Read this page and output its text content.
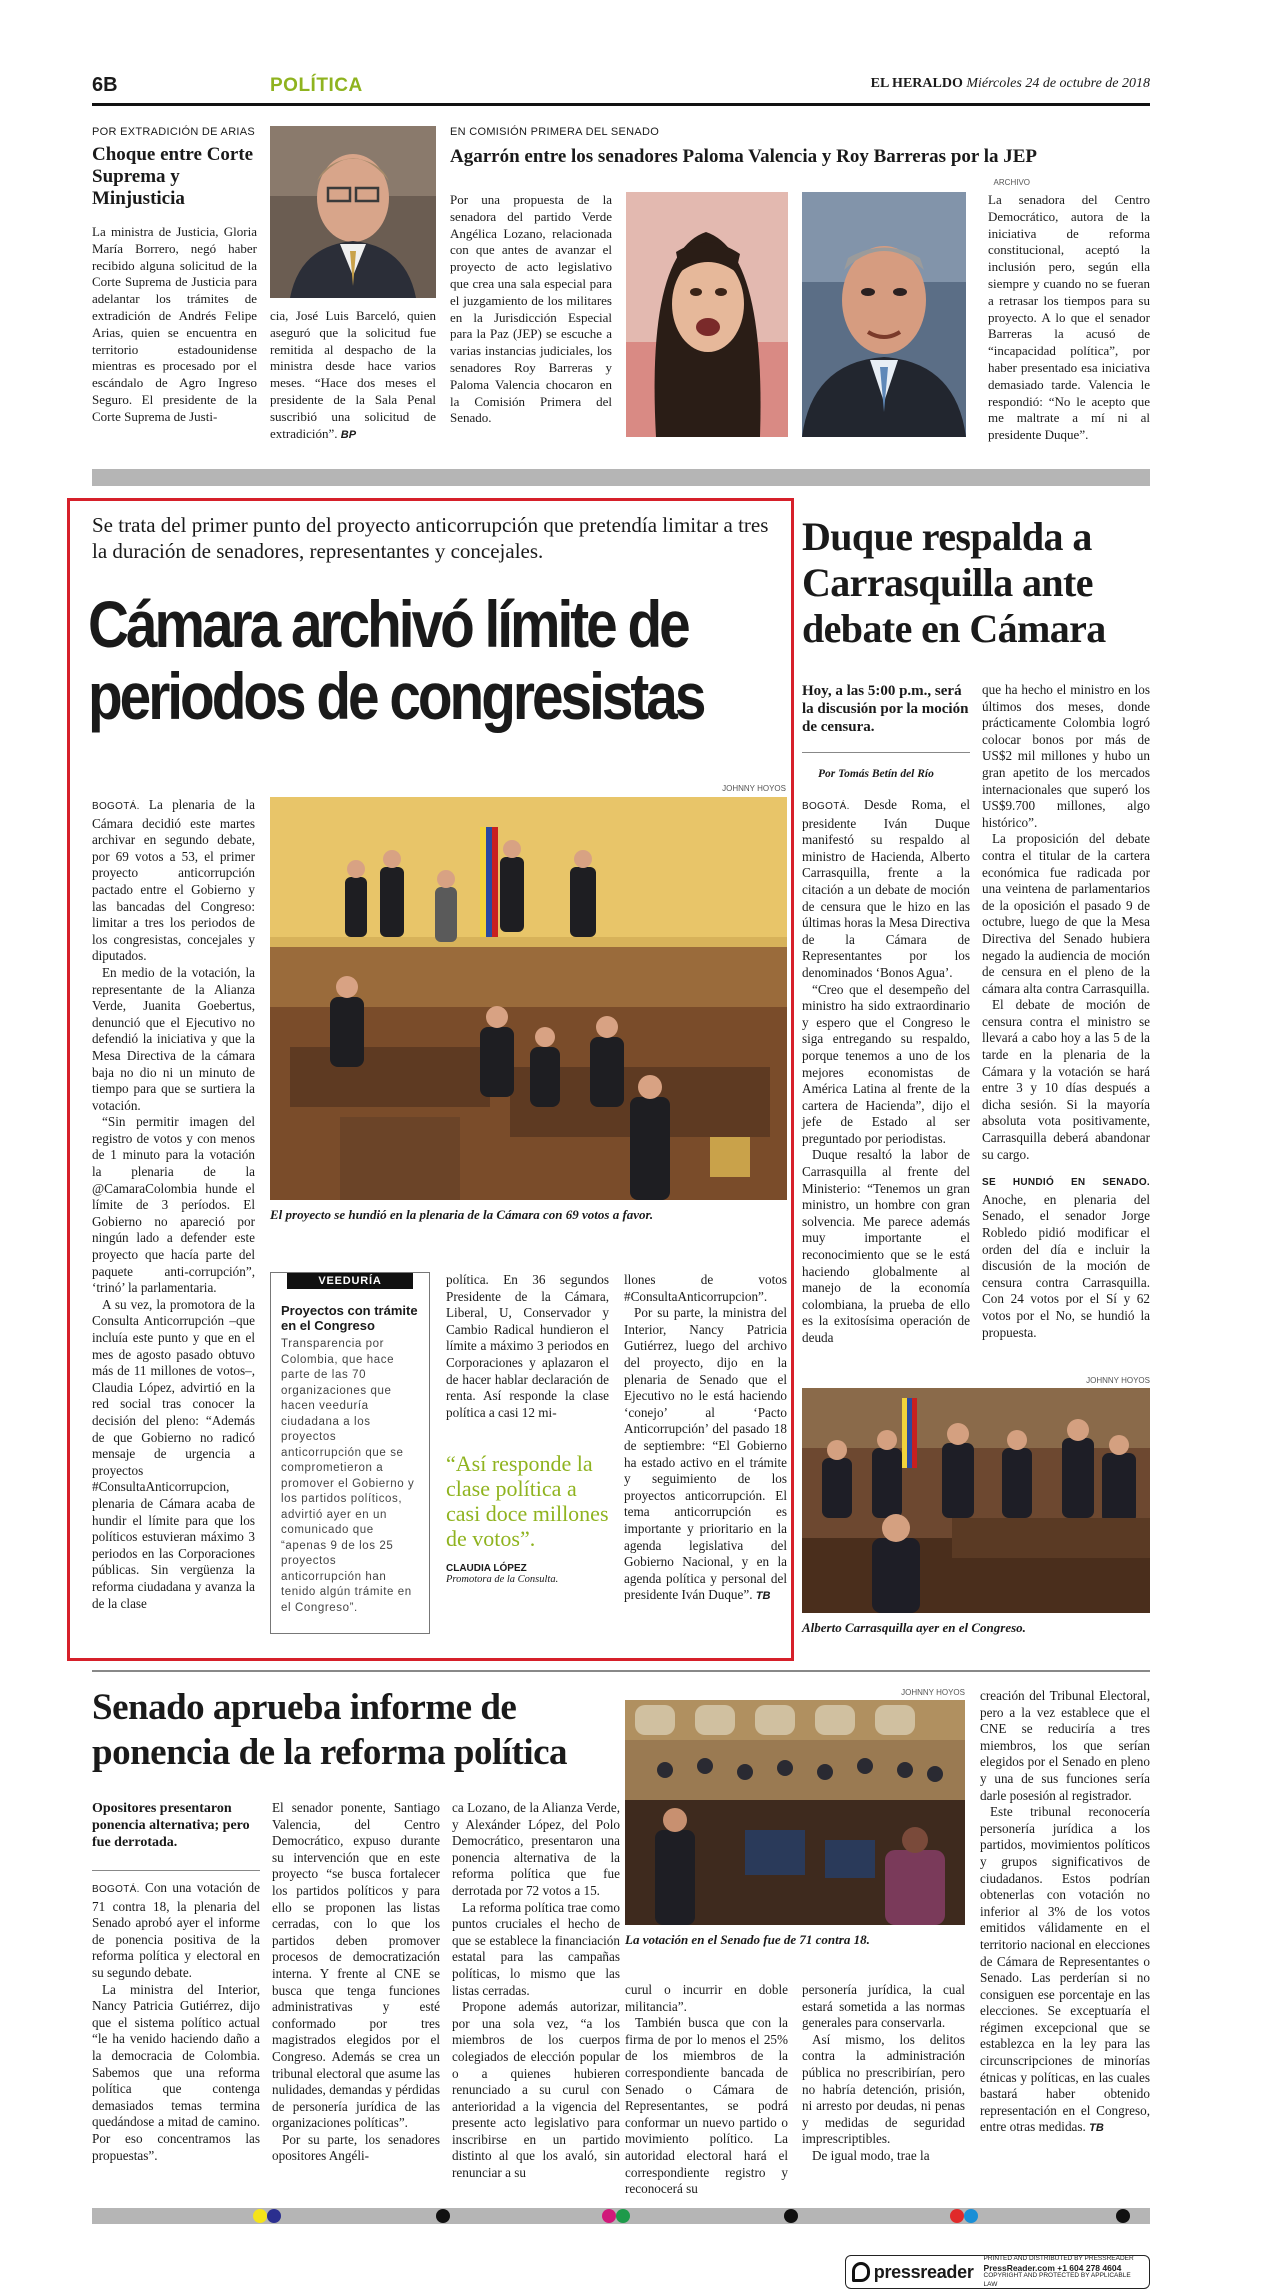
6B	POLÍTICA	EL HERALDO Miércoles 24 de octubre de 2018
POR EXTRADICIÓN DE ARIAS
Choque entre Corte Suprema y Minjusticia
La ministra de Justicia, Gloria María Borrero, negó haber recibido alguna solicitud de la Corte Suprema de Justicia para adelantar los trámites de extradición de Andrés Felipe Arias, quien se encuentra en territorio estadounidense mientras es procesado por el escándalo de Agro Ingreso Seguro. El presidente de la Corte Suprema de Justi-
cia, José Luis Barceló, quien aseguró que la solicitud fue remitida al despacho de la ministra desde hace varios meses. “Hace dos meses el presidente de la Sala Penal suscribió una solicitud de extradición”. BP
EN COMISIÓN PRIMERA DEL SENADO
Agarrón entre los senadores Paloma Valencia y Roy Barreras por la JEP
Por una propuesta de la senadora del partido Verde Angélica Lozano, relacionada con que antes de avanzar el proyecto de acto legislativo que crea una sala especial para el juzgamiento de los militares en la Jurisdicción Especial para la Paz (JEP) se escuche a varias instancias judiciales, los senadores Roy Barreras y Paloma Valencia chocaron en la Comisión Primera del Senado.
ARCHIVO
La senadora del Centro Democrático, autora de la iniciativa de reforma constitucional, aceptó la inclusión pero, según ella siempre y cuando no se fueran a retrasar los tiempos para su proyecto. A lo que el senador Barreras la acusó de “incapacidad política”, por haber presentado esa iniciativa demasiado tarde. Valencia le respondió: “No le acepto que me maltrate a mí ni al presidente Duque”.
Se trata del primer punto del proyecto anticorrupción que pretendía limitar a tres la duración de senadores, representantes y concejales.
Cámara archivó límite de periodos de congresistas
JOHNNY HOYOS

BOGOTÁ. La plenaria de la Cámara decidió este martes archivar en segundo debate, por 69 votos a 53, el primer proyecto anticorrupción pactado entre el Gobierno y las bancadas del Congreso: limitar a tres los periodos de los congresistas, concejales y diputados.

En medio de la votación, la representante de la Alianza Verde, Juanita Goebertus, denunció que el Ejecutivo no defendió la iniciativa y que la Mesa Directiva de la cámara baja no dio ni un minuto de tiempo para que se surtiera la votación.

“Sin permitir imagen del registro de votos y con menos de 1 minuto para la votación la plenaria de la @CamaraColombia hunde el límite de 3 períodos. El Gobierno no apareció por ningún lado a defender este proyecto que hacía parte del paquete anti-corrupción”, ‘trinó’ la parlamentaria.

A su vez, la promotora de la Consulta Anticorrupción –que incluía este punto y que en el mes de agosto pasado obtuvo más de 11 millones de votos–, Claudia López, advirtió en la red social tras conocer la decisión del pleno: “Además de que Gobierno no radicó mensaje de urgencia a proyectos #ConsultaAnticorrupcion, plenaria de Cámara acaba de hundir el límite para que los políticos estuvieran máximo 3 periodos en las Corporaciones públicas. Sin vergüenza la reforma ciudadana y avanza la de la clase

El proyecto se hundió en la plenaria de la Cámara con 69 votos a favor.
VEEDURÍA
Proyectos con trámite en el Congreso
Transparencia por Colombia, que hace parte de las 70 organizaciones que hacen veeduría ciudadana a los proyectos anticorrupción que se comprometieron a promover el Gobierno y los partidos políticos, advirtió ayer en un comunicado que “apenas 9 de los 25 proyectos anticorrupción han tenido algún trámite en el Congreso”.
política. En 36 segundos Presidente de la Cámara, Liberal, U, Conservador y Cambio Radical hundieron el límite a máximo 3 periodos en Corporaciones y aplazaron el de hacer hablar declaración de renta. Así responde la clase política a casi 12 mi-
“Así responde la clase política a casi doce millones de votos”.
CLAUDIA LÓPEZ
Promotora de la Consulta.

llones de votos #ConsultaAnticorrupcion”.

Por su parte, la ministra del Interior, Nancy Patricia Gutiérrez, luego del archivo del proyecto, dijo en la plenaria de Senado que el Ejecutivo no le está haciendo ‘conejo’ al ‘Pacto Anticorrupción’ del pasado 18 de septiembre: “El Gobierno ha estado activo en el trámite y seguimiento de los proyectos anticorrupción. El tema anticorrupción es importante y prioritario en la agenda legislativa del Gobierno Nacional, y en la agenda política y personal del presidente Iván Duque”. TB

Duque respalda a Carrasquilla ante debate en Cámara
Hoy, a las 5:00 p.m., será la discusión por la moción de censura.
Por Tomás Betín del Río

BOGOTÁ. Desde Roma, el presidente Iván Duque manifestó su respaldo al ministro de Hacienda, Alberto Carrasquilla, frente a la citación a un debate de moción de censura que le hizo en las últimas horas la Mesa Directiva de la Cámara de Representantes por los denominados ‘Bonos Agua’.

“Creo que el desempeño del ministro ha sido extraordinario y espero que el Congreso le siga entregando su respaldo, porque tenemos a uno de los mejores economistas de América Latina al frente de la cartera de Hacienda”, dijo el jefe de Estado al ser preguntado por periodistas.

Duque resaltó la labor de Carrasquilla al frente del Ministerio: “Tenemos un gran ministro, un hombre con gran solvencia. Me parece además muy importante el reconocimiento que se le está haciendo globalmente al manejo de la economía colombiana, la prueba de ello es la exitosísima operación de deuda

que ha hecho el ministro en los últimos dos meses, donde prácticamente Colombia logró colocar bonos por más de US$2 mil millones y hubo un gran apetito de los mercados internacionales que superó los US$9.700 millones, algo histórico”.

La proposición del debate contra el titular de la cartera económica fue radicada por una veintena de parlamentarios de la oposición el pasado 9 de octubre, luego de que la Mesa Directiva del Senado hubiera negado la audiencia de moción de censura en el pleno de la cámara alta contra Carrasquilla.

El debate de moción de censura contra el ministro se llevará a cabo hoy a las 5 de la tarde en la plenaria de la Cámara y la votación se hará entre 3 y 10 días después a dicha sesión. Si la mayoría absoluta vota positivamente, Carrasquilla deberá abandonar su cargo.

SE HUNDIÓ EN SENADO. Anoche, en plenaria del Senado, el senador Jorge Robledo pidió modificar el orden del día e incluir la discusión de la moción de censura contra Carrasquilla. Con 24 votos por el Sí y 62 votos por el No, se hundió la propuesta.

JOHNNY HOYOS
Alberto Carrasquilla ayer en el Congreso.
Senado aprueba informe de ponencia de la reforma política
Opositores presentaron ponencia alternativa; pero fue derrotada.

BOGOTÁ. Con una votación de 71 contra 18, la plenaria del Senado aprobó ayer el informe de ponencia positiva de la reforma política y electoral en su segundo debate.

La ministra del Interior, Nancy Patricia Gutiérrez, dijo que el sistema político actual “le ha venido haciendo daño a la democracia de Colombia. Sabemos que una reforma política que contenga demasiados temas termina quedándose a mitad de camino. Por eso concentramos las propuestas”.

El senador ponente, Santiago Valencia, del Centro Democrático, expuso durante su intervención que en este proyecto “se busca fortalecer los partidos políticos y para ello se proponen las listas cerradas, con lo que los partidos deben promover procesos de democratización interna. Y frente al CNE se busca que tenga funciones administrativas y esté conformado por tres magistrados elegidos por el Congreso. Además se crea un tribunal electoral que asume las nulidades, demandas y pérdidas de personería jurídica de las organizaciones políticas”.

Por su parte, los senadores opositores Angéli-

ca Lozano, de la Alianza Verde, y Alexánder López, del Polo Democrático, presentaron una ponencia alternativa de la reforma política que fue derrotada por 72 votos a 15.

La reforma política trae como puntos cruciales el hecho de que se establece la financiación estatal para las campañas políticas, lo mismo que las listas cerradas.

Propone además autorizar, por una sola vez, “a los miembros de los cuerpos colegiados de elección popular o a quienes hubieren renunciado a su curul con anterioridad a la vigencia del presente acto legislativo para inscribirse en un partido distinto al que los avaló, sin renunciar a su

JOHNNY HOYOS
La votación en el Senado fue de 71 contra 18.

curul o incurrir en doble militancia”.

También busca que con la firma de por lo menos el 25% de los miembros de la correspondiente bancada de Senado o Cámara de Representantes, se podrá conformar un nuevo partido o movimiento político. La autoridad electoral hará el correspondiente registro y reconocerá su

personería jurídica, la cual estará sometida a las normas generales para conservarla.

Así mismo, los delitos contra la administración pública no prescribirían, pero no habría detención, prisión, ni arresto por deudas, ni penas y medidas de seguridad imprescriptibles.

De igual modo, trae la

creación del Tribunal Electoral, pero a la vez establece que el CNE se reduciría a tres miembros, los que serían elegidos por el Senado en pleno y una de sus funciones sería darle posesión al registrador.

Este tribunal reconocería personería jurídica a los partidos, movimientos políticos y grupos significativos de ciudadanos. Estos podrían obtenerlas con votación no inferior al 3% de los votos emitidos válidamente en el territorio nacional en elecciones de Cámara de Representantes o Senado. Las perderían si no consiguen ese porcentaje en las elecciones. Se exceptuaría el régimen excepcional que se establezca en la ley para las circunscripciones de minorías étnicas y políticas, en las cuales bastará haber obtenido representación en el Congreso, entre otras medidas. TB

pressreader
PRINTED AND DISTRIBUTED BY PRESSREADER
PressReader.com +1 604 278 4604
COPYRIGHT AND PROTECTED BY APPLICABLE LAW
